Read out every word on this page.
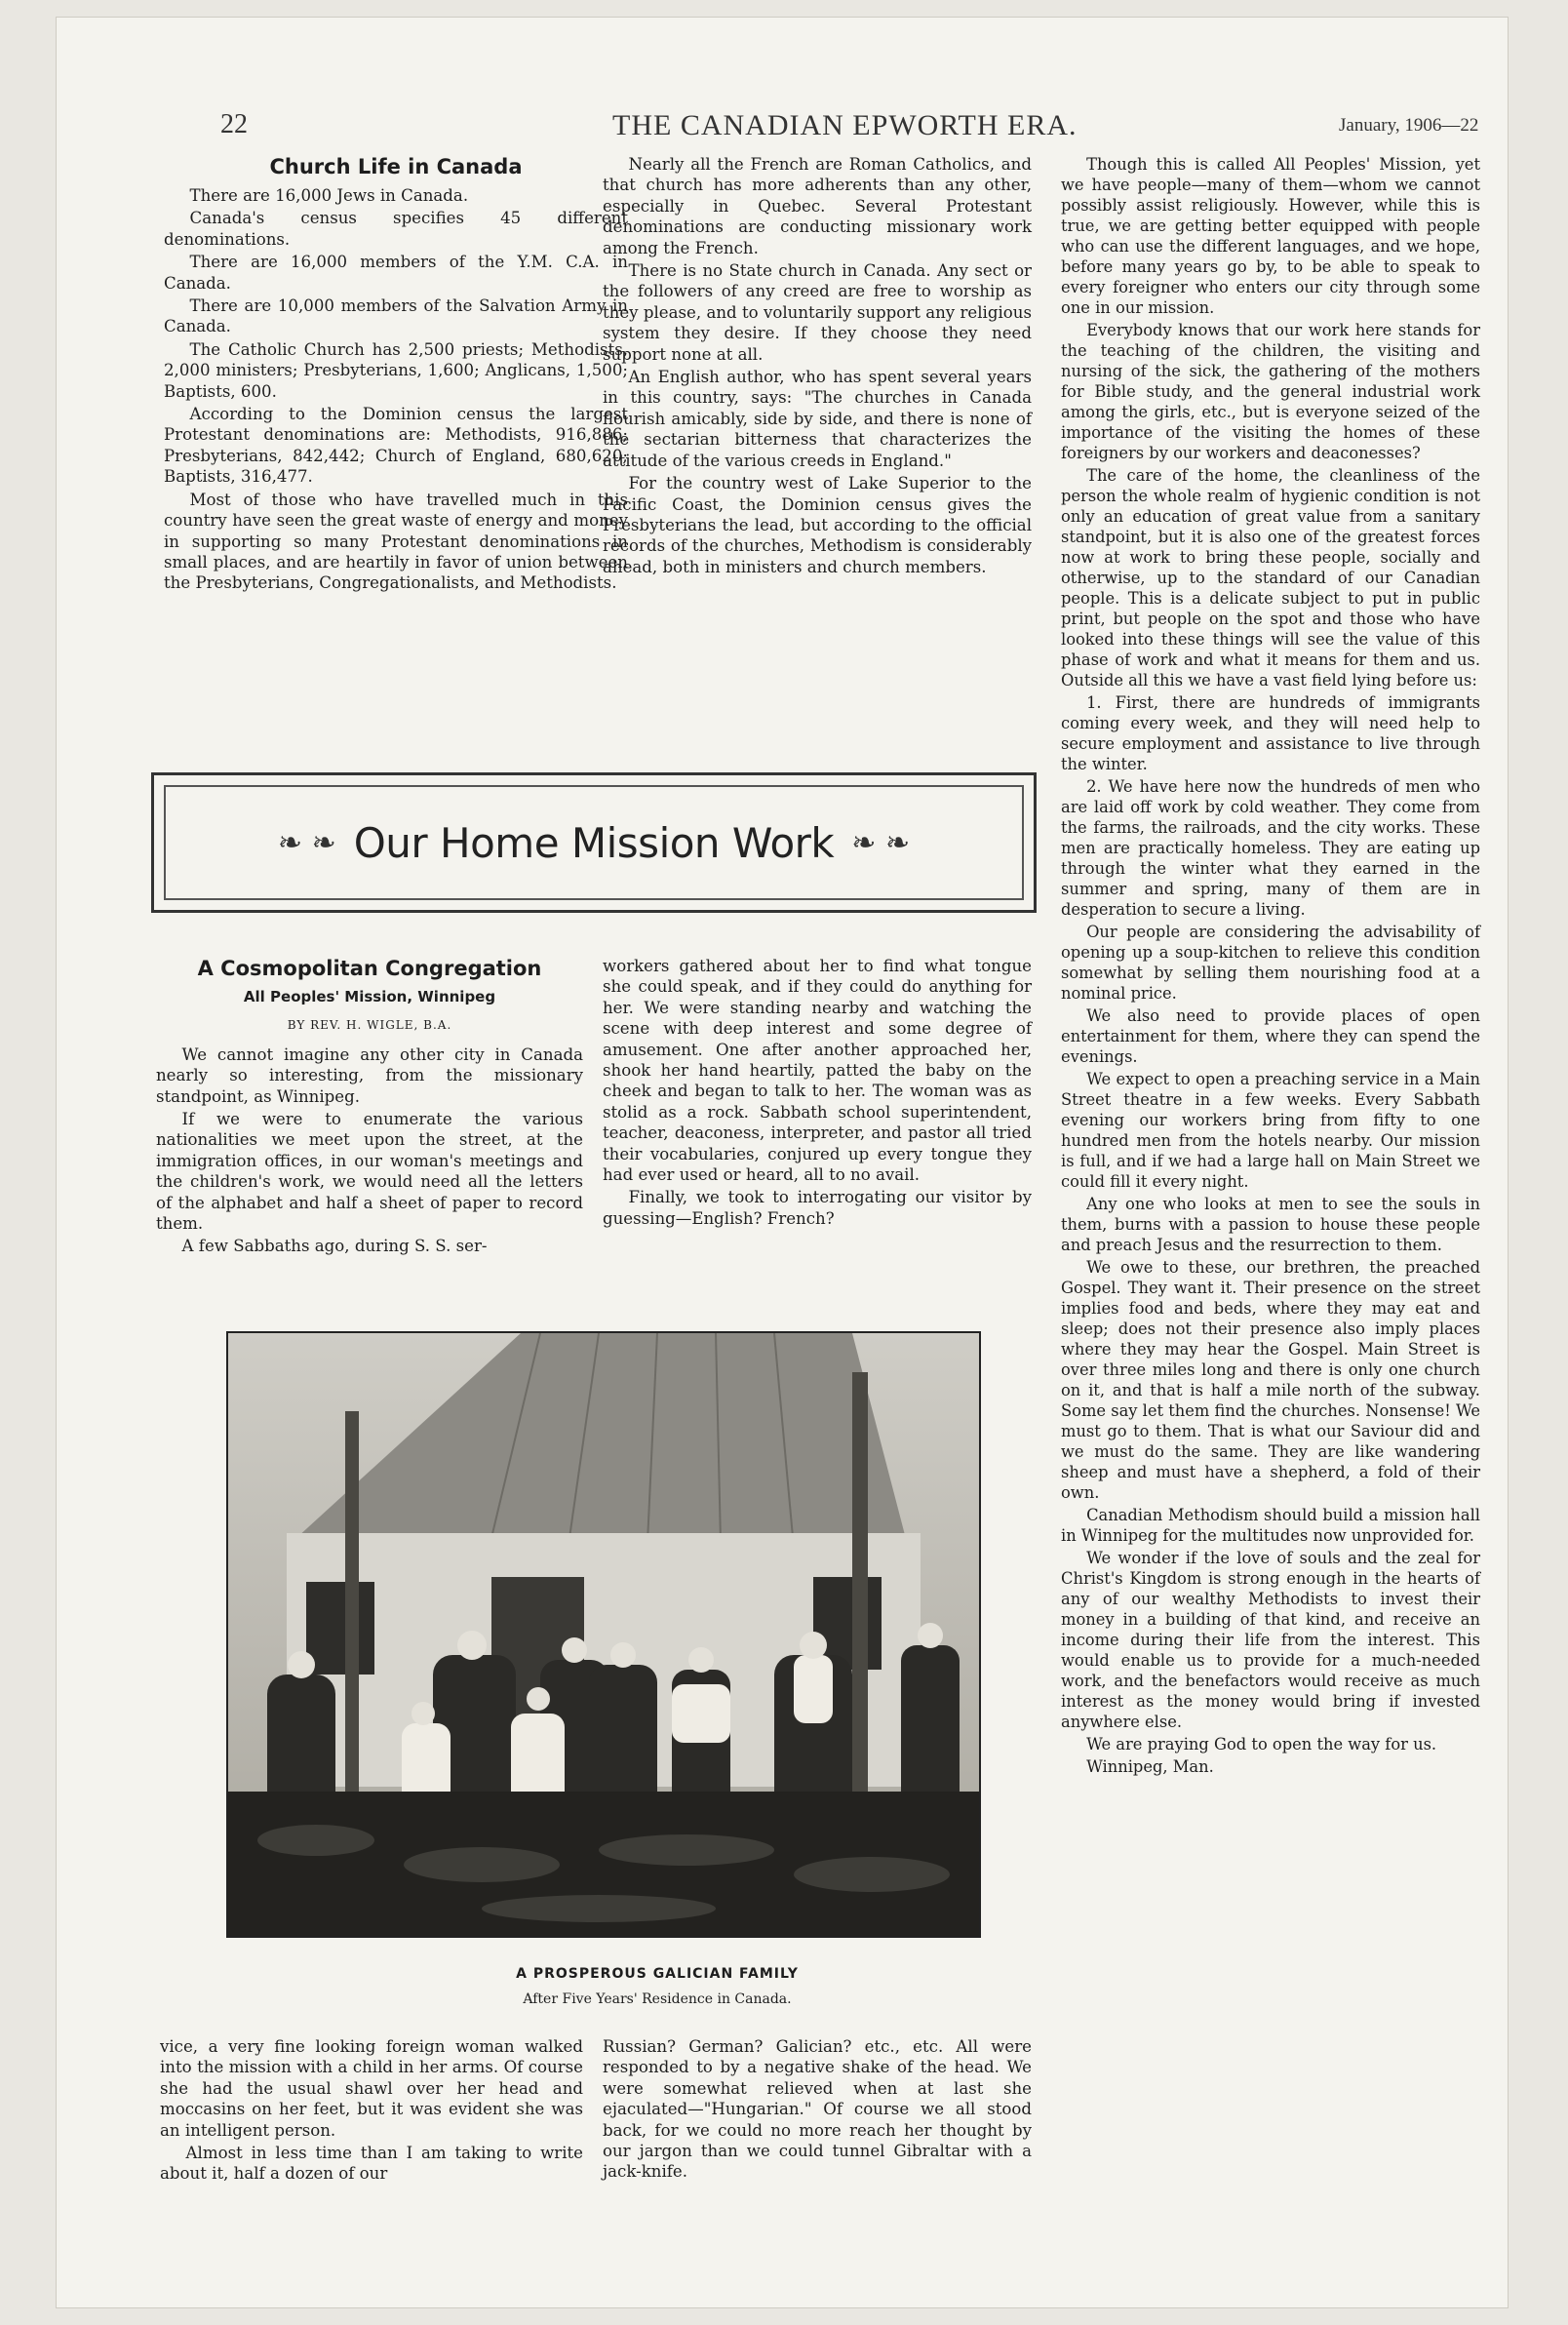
22	THE CANADIAN EPWORTH ERA.	January, 1906—22
Church Life in Canada

There are 16,000 Jews in Canada.

Canada's census specifies 45 different denominations.

There are 16,000 members of the Y.M. C.A. in Canada.

There are 10,000 members of the Salvation Army in Canada.

The Catholic Church has 2,500 priests; Methodists, 2,000 ministers; Presbyterians, 1,600; Anglicans, 1,500; Baptists, 600.

According to the Dominion census the largest Protestant denominations are: Methodists, 916,886; Presbyterians, 842,442; Church of England, 680,620; Baptists, 316,477.

Most of those who have travelled much in this country have seen the great waste of energy and money in supporting so many Protestant denominations in small places, and are heartily in favor of union between the Presbyterians, Congregationalists, and Methodists.

Nearly all the French are Roman Catholics, and that church has more adherents than any other, especially in Quebec. Several Protestant denominations are conducting missionary work among the French.

There is no State church in Canada. Any sect or the followers of any creed are free to worship as they please, and to voluntarily support any religious system they desire. If they choose they need support none at all.

An English author, who has spent several years in this country, says: "The churches in Canada flourish amicably, side by side, and there is none of the sectarian bitterness that characterizes the attitude of the various creeds in England."

For the country west of Lake Superior to the Pacific Coast, the Dominion census gives the Presbyterians the lead, but according to the official records of the churches, Methodism is considerably ahead, both in ministers and church members.

❧ ❧ Our Home Mission Work ❧ ❧
A Cosmopolitan Congregation
All Peoples' Mission, Winnipeg
BY REV. H. WIGLE, B.A.

We cannot imagine any other city in Canada nearly so interesting, from the missionary standpoint, as Winnipeg.

If we were to enumerate the various nationalities we meet upon the street, at the immigration offices, in our woman's meetings and the children's work, we would need all the letters of the alphabet and half a sheet of paper to record them.

A few Sabbaths ago, during S. S. ser-

workers gathered about her to find what tongue she could speak, and if they could do anything for her. We were standing nearby and watching the scene with deep interest and some degree of amusement. One after another approached her, shook her hand heartily, patted the baby on the cheek and began to talk to her. The woman was as stolid as a rock. Sabbath school superintendent, teacher, deaconess, interpreter, and pastor all tried their vocabularies, conjured up every tongue they had ever used or heard, all to no avail.

Finally, we took to interrogating our visitor by guessing—English? French?

A PROSPEROUS GALICIAN FAMILY
After Five Years' Residence in Canada.

vice, a very fine looking foreign woman walked into the mission with a child in her arms. Of course she had the usual shawl over her head and moccasins on her feet, but it was evident she was an intelligent person.

Almost in less time than I am taking to write about it, half a dozen of our

Russian? German? Galician? etc., etc. All were responded to by a negative shake of the head. We were somewhat relieved when at last she ejaculated—"Hungarian." Of course we all stood back, for we could no more reach her thought by our jargon than we could tunnel Gibraltar with a jack-knife.

Though this is called All Peoples' Mission, yet we have people—many of them—whom we cannot possibly assist religiously. However, while this is true, we are getting better equipped with people who can use the different languages, and we hope, before many years go by, to be able to speak to every foreigner who enters our city through some one in our mission.

Everybody knows that our work here stands for the teaching of the children, the visiting and nursing of the sick, the gathering of the mothers for Bible study, and the general industrial work among the girls, etc., but is everyone seized of the importance of the visiting the homes of these foreigners by our workers and deaconesses?

The care of the home, the cleanliness of the person the whole realm of hygienic condition is not only an education of great value from a sanitary standpoint, but it is also one of the greatest forces now at work to bring these people, socially and otherwise, up to the standard of our Canadian people. This is a delicate subject to put in public print, but people on the spot and those who have looked into these things will see the value of this phase of work and what it means for them and us. Outside all this we have a vast field lying before us:

1. First, there are hundreds of immigrants coming every week, and they will need help to secure employment and assistance to live through the winter.

2. We have here now the hundreds of men who are laid off work by cold weather. They come from the farms, the railroads, and the city works. These men are practically homeless. They are eating up through the winter what they earned in the summer and spring, many of them are in desperation to secure a living.

Our people are considering the advisability of opening up a soup-kitchen to relieve this condition somewhat by selling them nourishing food at a nominal price.

We also need to provide places of open entertainment for them, where they can spend the evenings.

We expect to open a preaching service in a Main Street theatre in a few weeks. Every Sabbath evening our workers bring from fifty to one hundred men from the hotels nearby. Our mission is full, and if we had a large hall on Main Street we could fill it every night.

Any one who looks at men to see the souls in them, burns with a passion to house these people and preach Jesus and the resurrection to them.

We owe to these, our brethren, the preached Gospel. They want it. Their presence on the street implies food and beds, where they may eat and sleep; does not their presence also imply places where they may hear the Gospel. Main Street is over three miles long and there is only one church on it, and that is half a mile north of the subway. Some say let them find the churches. Nonsense! We must go to them. That is what our Saviour did and we must do the same. They are like wandering sheep and must have a shepherd, a fold of their own.

Canadian Methodism should build a mission hall in Winnipeg for the multitudes now unprovided for.

We wonder if the love of souls and the zeal for Christ's Kingdom is strong enough in the hearts of any of our wealthy Methodists to invest their money in a building of that kind, and receive an income during their life from the interest. This would enable us to provide for a much-needed work, and the benefactors would receive as much interest as the money would bring if invested anywhere else.

We are praying God to open the way for us.

Winnipeg, Man.
